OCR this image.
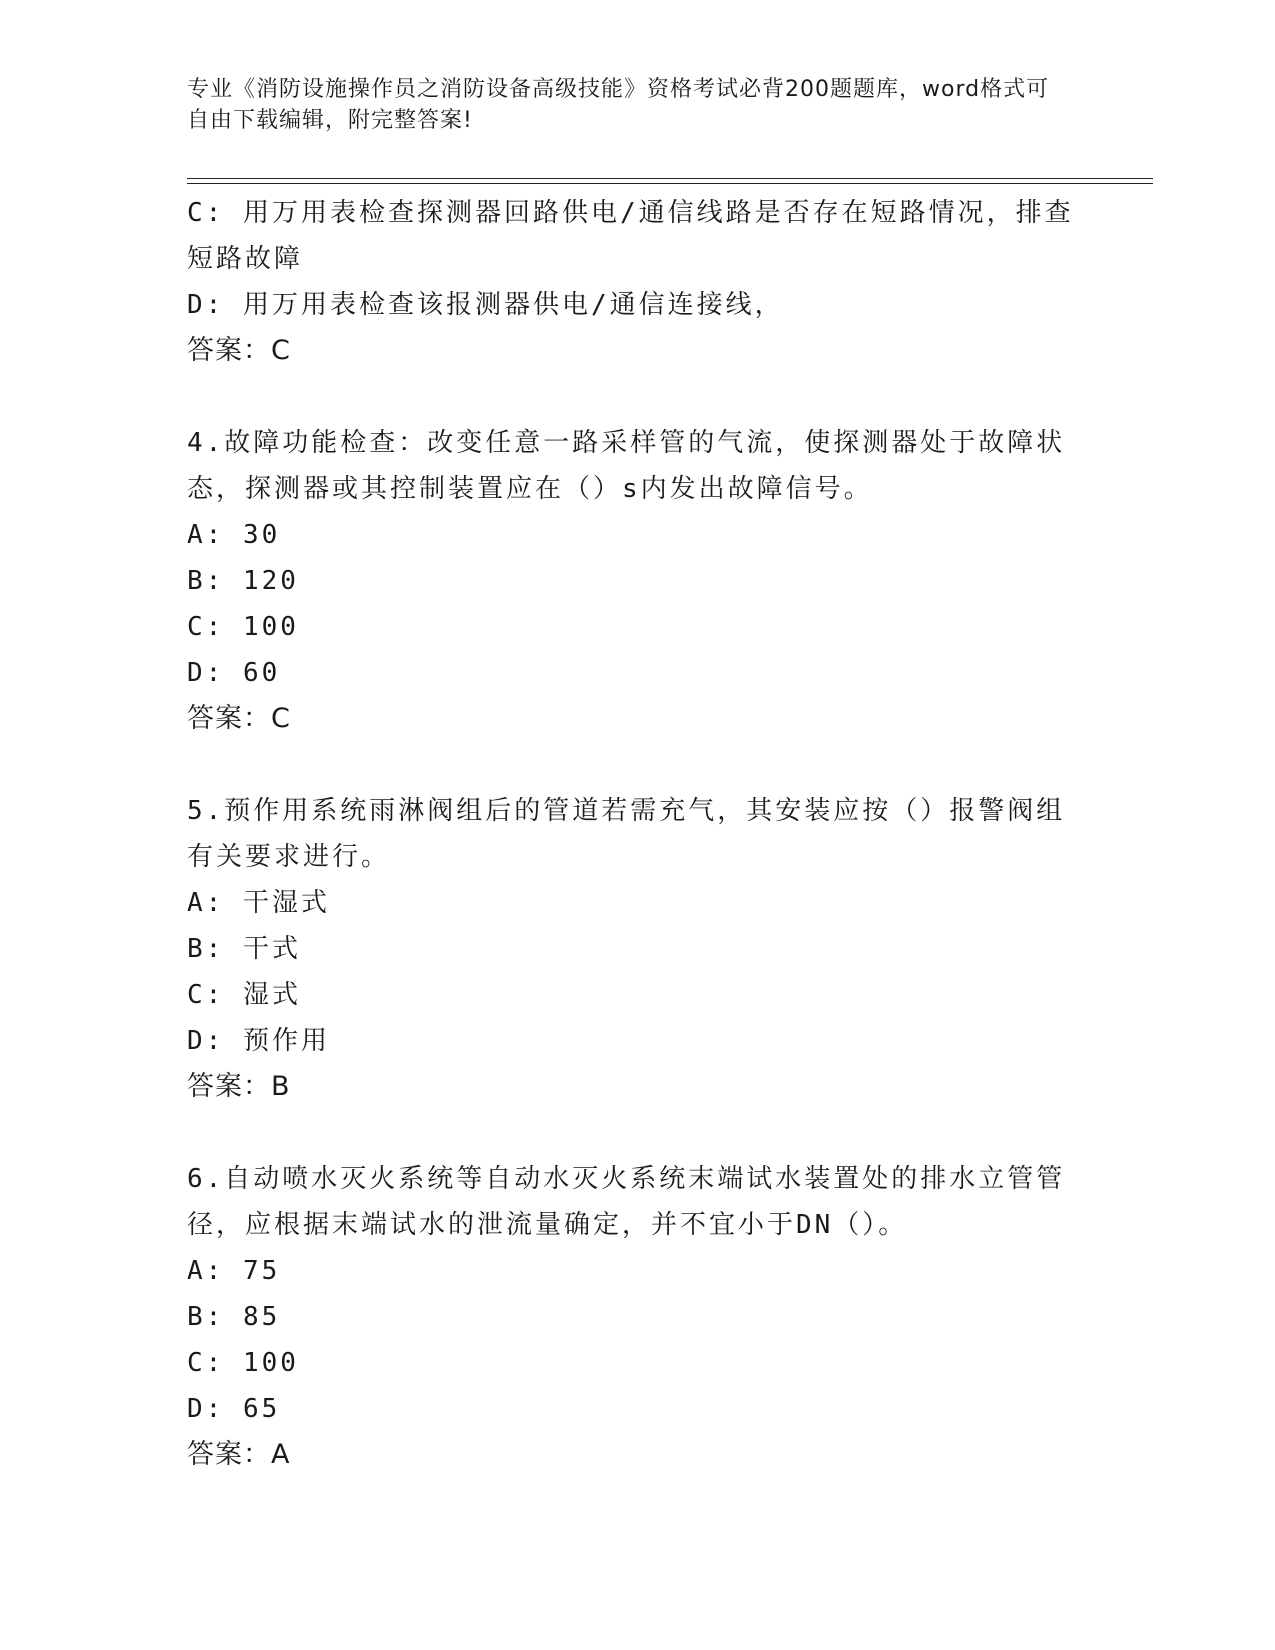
专业《消防设施操作员之消防设备高级技能》资格考试必背200题题库，word格式可自由下载编辑，附完整答案!
C: 用万用表检查探测器回路供电/通信线路是否存在短路情况，排查
短路故障
D: 用万用表检查该报测器供电/通信连接线，
答案：C
4.故障功能检查：改变任意一路采样管的气流，使探测器处于故障状
态，探测器或其控制装置应在（）s内发出故障信号。
A: 30
B: 120
C: 100
D: 60
答案：C
5.预作用系统雨淋阀组后的管道若需充气，其安装应按（）报警阀组
有关要求进行。
A: 干湿式
B: 干式
C: 湿式
D: 预作用
答案：B
6.自动喷水灭火系统等自动水灭火系统末端试水装置处的排水立管管
径，应根据末端试水的泄流量确定，并不宜小于DN（）。
A: 75
B: 85
C: 100
D: 65
答案：A
